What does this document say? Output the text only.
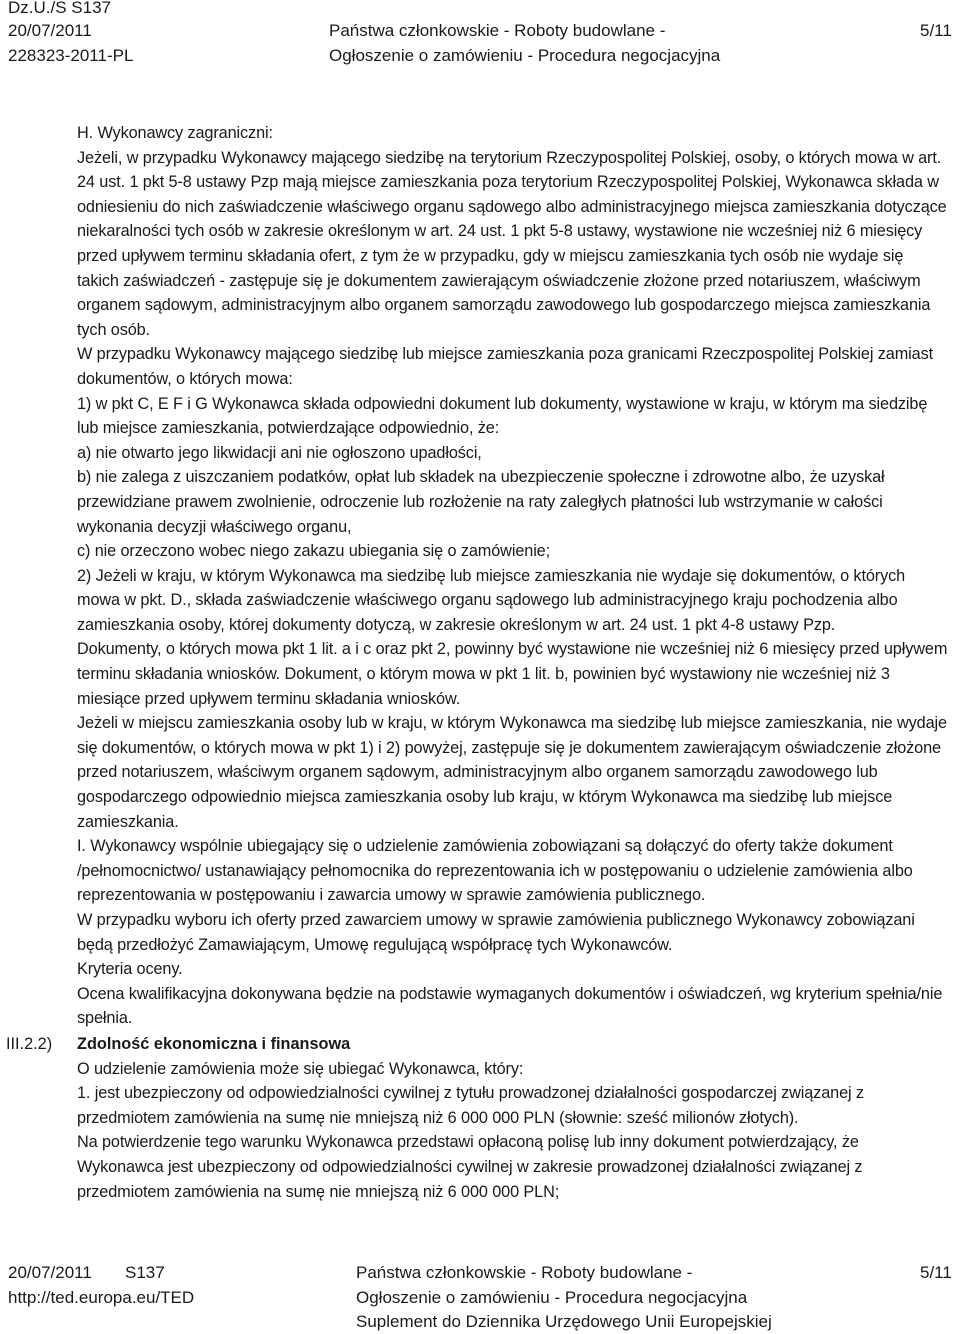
Dz.U./S S137
20/07/2011
228323-2011-PL
Państwa członkowskie - Roboty budowlane -
Ogłoszenie o zamówieniu - Procedura negocjacyjna
5/11

H. Wykonawcy zagraniczni:

Jeżeli, w przypadku Wykonawcy mającego siedzibę na terytorium Rzeczypospolitej Polskiej, osoby, o których mowa w art. 24 ust. 1 pkt 5-8 ustawy Pzp mają miejsce zamieszkania poza terytorium Rzeczypospolitej Polskiej, Wykonawca składa w odniesieniu do nich zaświadczenie właściwego organu sądowego albo administracyjnego miejsca zamieszkania dotyczące niekaralności tych osób w zakresie określonym w art. 24 ust. 1 pkt 5-8 ustawy, wystawione nie wcześniej niż 6 miesięcy przed upływem terminu składania ofert, z tym że w przypadku, gdy w miejscu zamieszkania tych osób nie wydaje się takich zaświadczeń - zastępuje się je dokumentem zawierającym oświadczenie złożone przed notariuszem, właściwym organem sądowym, administracyjnym albo organem samorządu zawodowego lub gospodarczego miejsca zamieszkania tych osób.

W przypadku Wykonawcy mającego siedzibę lub miejsce zamieszkania poza granicami Rzeczpospolitej Polskiej zamiast dokumentów, o których mowa:

1) w pkt C, E F i G Wykonawca składa odpowiedni dokument lub dokumenty, wystawione w kraju, w którym ma siedzibę lub miejsce zamieszkania, potwierdzające odpowiednio, że:

a) nie otwarto jego likwidacji ani nie ogłoszono upadłości,

b) nie zalega z uiszczaniem podatków, opłat lub składek na ubezpieczenie społeczne i zdrowotne albo, że uzyskał przewidziane prawem zwolnienie, odroczenie lub rozłożenie na raty zaległych płatności lub wstrzymanie w całości wykonania decyzji właściwego organu,

c) nie orzeczono wobec niego zakazu ubiegania się o zamówienie;

2) Jeżeli w kraju, w którym Wykonawca ma siedzibę lub miejsce zamieszkania nie wydaje się dokumentów, o których mowa w pkt. D., składa zaświadczenie właściwego organu sądowego lub administracyjnego kraju pochodzenia albo zamieszkania osoby, której dokumenty dotyczą, w zakresie określonym w art. 24 ust. 1 pkt 4-8 ustawy Pzp.

Dokumenty, o których mowa pkt 1 lit. a i c oraz pkt 2, powinny być wystawione nie wcześniej niż 6 miesięcy przed upływem terminu składania wniosków. Dokument, o którym mowa w pkt 1 lit. b, powinien być wystawiony nie wcześniej niż 3 miesiące przed upływem terminu składania wniosków.

Jeżeli w miejscu zamieszkania osoby lub w kraju, w którym Wykonawca ma siedzibę lub miejsce zamieszkania, nie wydaje się dokumentów, o których mowa w pkt 1) i 2) powyżej, zastępuje się je dokumentem zawierającym oświadczenie złożone przed notariuszem, właściwym organem sądowym, administracyjnym albo organem samorządu zawodowego lub gospodarczego odpowiednio miejsca zamieszkania osoby lub kraju, w którym Wykonawca ma siedzibę lub miejsce zamieszkania.

I. Wykonawcy wspólnie ubiegający się o udzielenie zamówienia zobowiązani są dołączyć do oferty także dokument /pełnomocnictwo/ ustanawiający pełnomocnika do reprezentowania ich w postępowaniu o udzielenie zamówienia albo reprezentowania w postępowaniu i zawarcia umowy w sprawie zamówienia publicznego.

W przypadku wyboru ich oferty przed zawarciem umowy w sprawie zamówienia publicznego Wykonawcy zobowiązani będą przedłożyć Zamawiającym, Umowę regulującą współpracę tych Wykonawców.

Kryteria oceny.

Ocena kwalifikacyjna dokonywana będzie na podstawie wymaganych dokumentów i oświadczeń, wg kryterium spełnia/nie spełnia.

III.2.2) Zdolność ekonomiczna i finansowa

O udzielenie zamówienia może się ubiegać Wykonawca, który:

1. jest ubezpieczony od odpowiedzialności cywilnej z tytułu prowadzonej działalności gospodarczej związanej z przedmiotem zamówienia na sumę nie mniejszą niż 6 000 000 PLN (słownie: sześć milionów złotych).

Na potwierdzenie tego warunku Wykonawca przedstawi opłaconą polisę lub inny dokument potwierdzający, że Wykonawca jest ubezpieczony od odpowiedzialności cywilnej w zakresie prowadzonej działalności związanej z przedmiotem zamówienia na sumę nie mniejszą niż 6 000 000 PLN;

20/07/2011 S137
http://ted.europa.eu/TED
Państwa członkowskie - Roboty budowlane -
Ogłoszenie o zamówieniu - Procedura negocjacyjna
Suplement do Dziennika Urzędowego Unii Europejskiej
5/11
